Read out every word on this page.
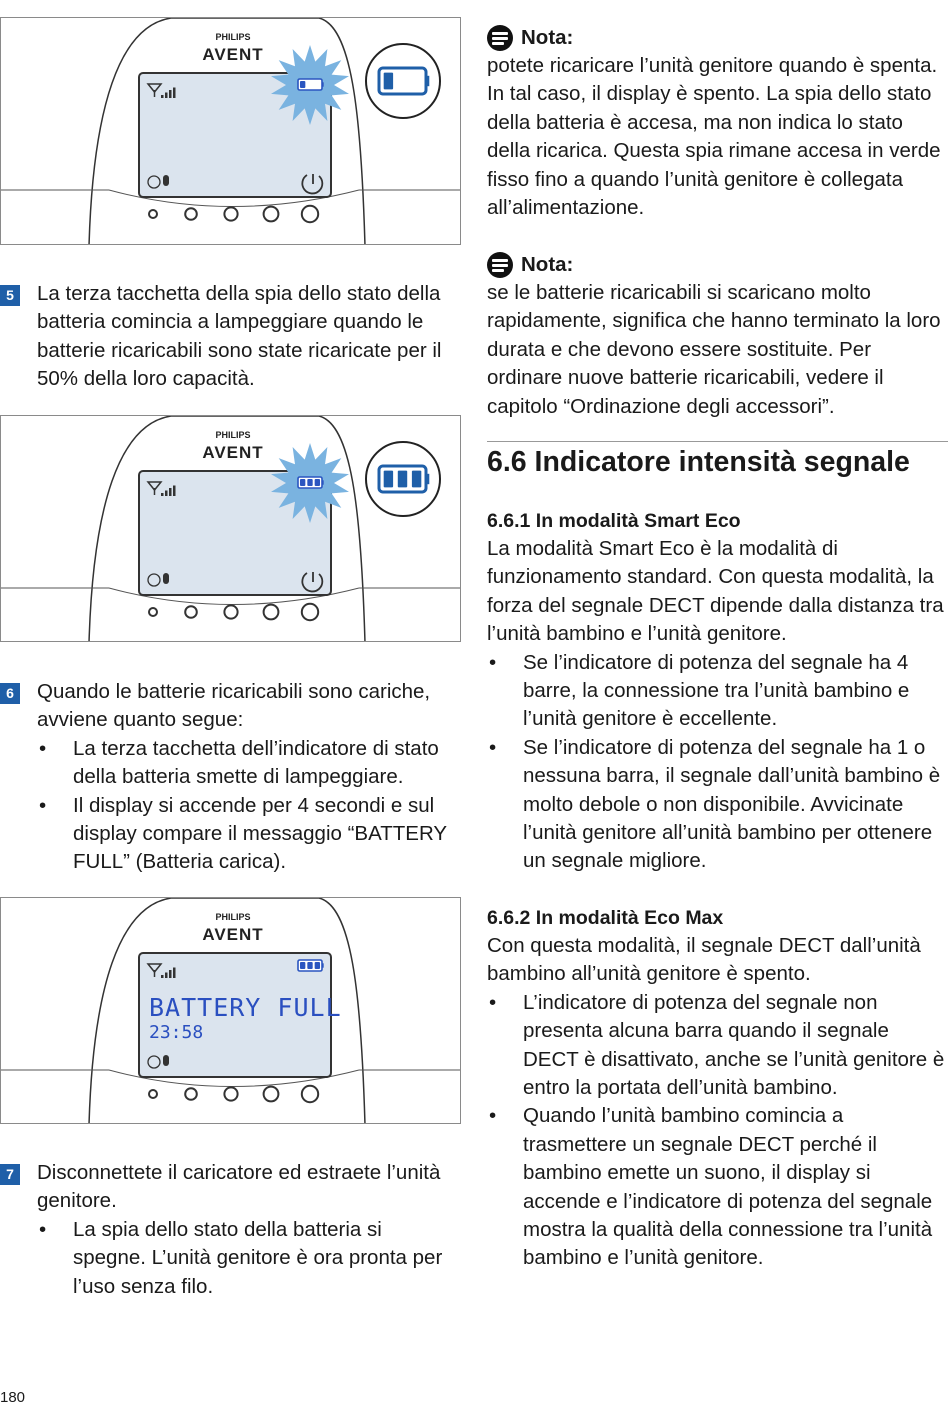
PHILIPS
AVENT
5 La terza tacchetta della spia dello stato della batteria comincia a lampeggiare quando le batterie ricaricabili sono state ricaricate per il 50% della loro capacità.
PHILIPS
AVENT
6 Quando le batterie ricaricabili sono cariche, avviene quanto segue:
• La terza tacchetta dell’indicatore di stato della batteria smette di lampeggiare.
• Il display si accende per 4 secondi e sul display compare il messaggio “BATTERY FULL” (Batteria carica).
PHILIPS
AVENT
BATTERY FULL
23:58
7 Disconnettete il caricatore ed estraete l’unità genitore.
• La spia dello stato della batteria si spegne. L’unità genitore è ora pronta per l’uso senza filo.
180
Nota:
potete ricaricare l’unità genitore quando è spenta. In tal caso, il display è spento. La spia dello stato della batteria è accesa, ma non indica lo stato della ricarica. Questa spia rimane accesa in verde fisso fino a quando l’unità genitore è collegata all’alimentazione.
Nota:
se le batterie ricaricabili si scaricano molto rapidamente, significa che hanno terminato la loro durata e che devono essere sostituite. Per ordinare nuove batterie ricaricabili, vedere il capitolo “Ordinazione degli accessori”.
6.6 Indicatore intensità segnale
6.6.1 In modalità Smart Eco
La modalità Smart Eco è la modalità di funzionamento standard. Con questa modalità, la forza del segnale DECT dipende dalla distanza tra l’unità bambino e l’unità genitore.
• Se l’indicatore di potenza del segnale ha 4 barre, la connessione tra l’unità bambino e l’unità genitore è eccellente.
• Se l’indicatore di potenza del segnale ha 1 o nessuna barra, il segnale dall’unità bambino è molto debole o non disponibile. Avvicinate l’unità genitore all’unità bambino per ottenere un segnale migliore.
6.6.2 In modalità Eco Max
Con questa modalità, il segnale DECT dall’unità bambino all’unità genitore è spento.
• L’indicatore di potenza del segnale non presenta alcuna barra quando il segnale DECT è disattivato, anche se l’unità genitore è entro la portata dell’unità bambino.
• Quando l’unità bambino comincia a trasmettere un segnale DECT perché il bambino emette un suono, il display si accende e l’indicatore di potenza del segnale mostra la qualità della connessione tra l’unità bambino e l’unità genitore.
